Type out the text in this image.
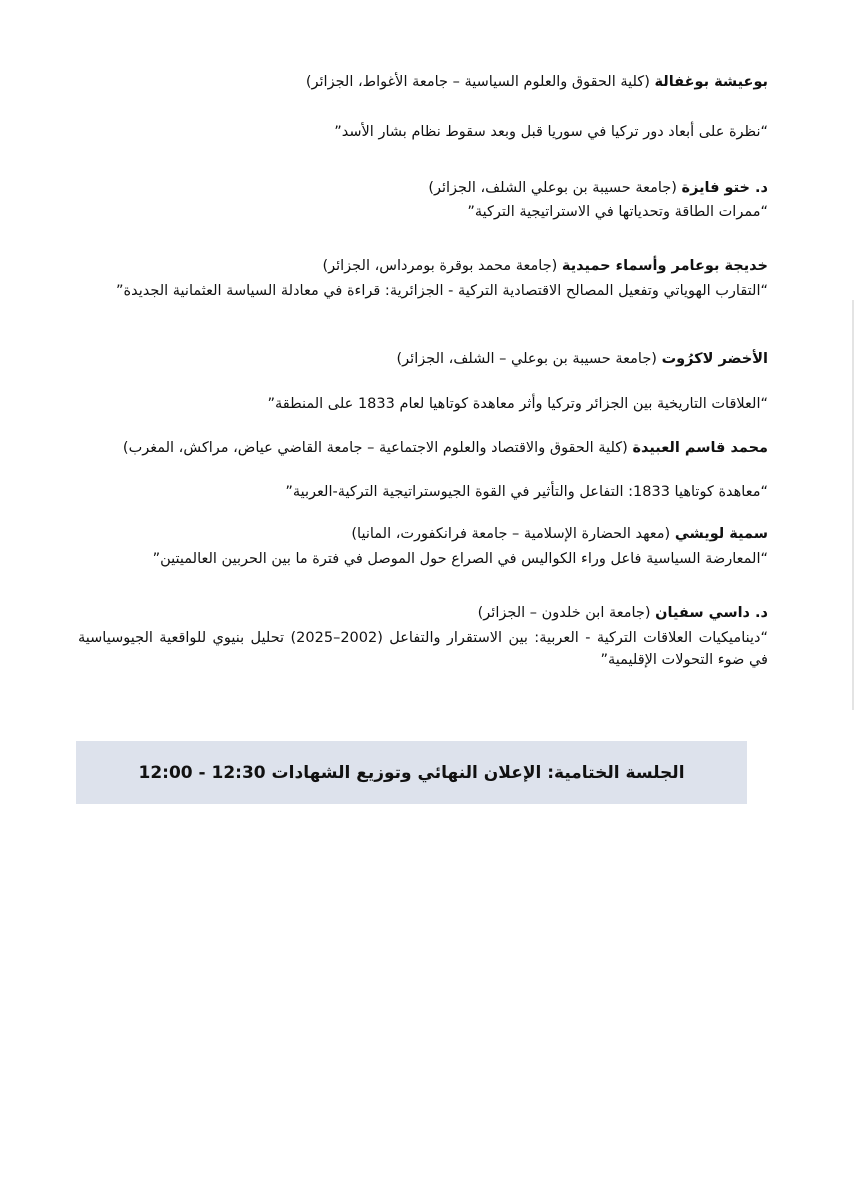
بوعيشة بوغفالة (كلية الحقوق والعلوم السياسية – جامعة الأغواط، الجزائر)
“نظرة على أبعاد دور تركيا في سوريا قبل وبعد سقوط نظام بشار الأسد”
د. ختو فايزة (جامعة حسيبة بن بوعلي الشلف، الجزائر)
“ممرات الطاقة وتحدياتها في الاستراتيجية التركية”
خديجة بوعامر وأسماء حميدية (جامعة محمد بوقرة بومرداس، الجزائر)
“التقارب الهوياتي وتفعيل المصالح الاقتصادية التركية - الجزائرية: قراءة في معادلة السياسة العثمانية الجديدة”
الأخضر لاكرُوت (جامعة حسيبة بن بوعلي – الشلف، الجزائر)
“العلاقات التاريخية بين الجزائر وتركيا وأثر معاهدة كوتاهيا لعام 1833 على المنطقة”
محمد قاسم العبيدة (كلية الحقوق والاقتصاد والعلوم الاجتماعية – جامعة القاضي عياض، مراكش، المغرب)
“معاهدة كوتاهيا 1833: التفاعل والتأثير في القوة الجيوستراتيجية التركية-العربية”
سمية لويشي (معهد الحضارة الإسلامية – جامعة فرانكفورت، المانيا)
“المعارضة السياسية فاعل وراء الكواليس في الصراع حول الموصل في فترة ما بين الحربين العالميتين”
د. داسي سفيان (جامعة ابن خلدون – الجزائر)
“ديناميكيات العلاقات التركية - العربية: بين الاستقرار والتفاعل (2002–2025) تحليل بنيوي للواقعية الجيوسياسية في ضوء التحولات الإقليمية”
الجلسة الختامية: الإعلان النهائي وتوزيع الشهادات 12:30 - 12:00
